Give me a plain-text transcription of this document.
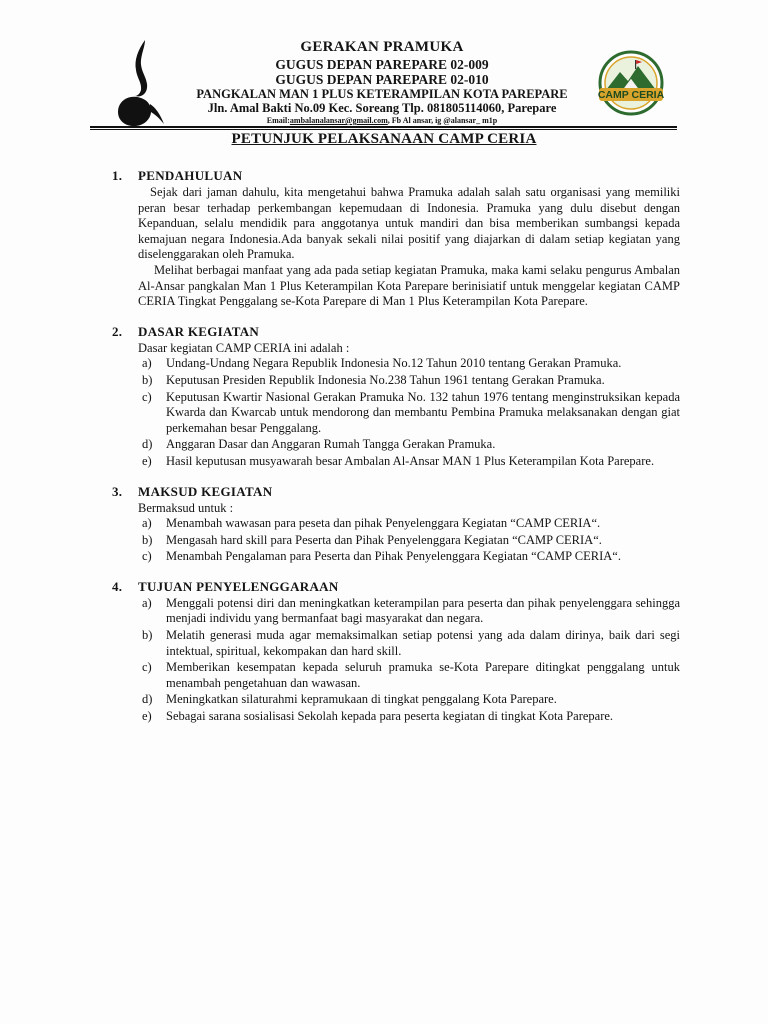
GERAKAN PRAMUKA
GUGUS DEPAN PAREPARE 02-009
GUGUS DEPAN PAREPARE 02-010
PANGKALAN MAN 1 PLUS KETERAMPILAN KOTA PAREPARE
Jln. Amal Bakti No.09 Kec. Soreang Tlp. 081805114060, Parepare
Email:ambalanalansar@gmail.com, Fb Al ansar, ig @alansar_ m1p
CAMP CERIA
PETUNJUK PELAKSANAAN CAMP CERIA
1.	PENDAHULUAN
Sejak dari jaman dahulu, kita mengetahui bahwa Pramuka adalah salah satu organisasi yang memiliki peran besar terhadap perkembangan kepemudaan di Indonesia. Pramuka yang dulu disebut dengan Kepanduan, selalu mendidik para anggotanya untuk mandiri dan bisa memberikan sumbangsi kepada kemajuan negara Indonesia.Ada banyak sekali nilai positif yang diajarkan di dalam setiap kegiatan yang diselenggarakan oleh Pramuka.
Melihat berbagai manfaat yang ada pada setiap kegiatan Pramuka, maka kami selaku pengurus Ambalan Al-Ansar pangkalan Man 1 Plus Keterampilan Kota Parepare berinisiatif untuk menggelar kegiatan CAMP CERIA Tingkat Penggalang se-Kota Parepare di Man 1 Plus Keterampilan Kota Parepare.
2.	DASAR KEGIATAN
Dasar kegiatan CAMP CERIA ini adalah :
a)	Undang-Undang Negara Republik Indonesia No.12 Tahun 2010 tentang Gerakan Pramuka.
b)	Keputusan Presiden Republik Indonesia No.238 Tahun 1961 tentang Gerakan Pramuka.
c)	Keputusan Kwartir Nasional Gerakan Pramuka No. 132 tahun 1976 tentang menginstruksikan kepada Kwarda dan Kwarcab untuk mendorong dan membantu Pembina Pramuka melaksanakan dengan giat perkemahan besar Penggalang.
d)	Anggaran Dasar dan Anggaran Rumah Tangga Gerakan Pramuka.
e)	Hasil keputusan musyawarah besar Ambalan Al-Ansar MAN 1 Plus Keterampilan Kota Parepare.
3.	MAKSUD KEGIATAN
Bermaksud untuk :
a)	Menambah wawasan para peseta dan pihak Penyelenggara Kegiatan “CAMP CERIA“.
b)	Mengasah hard skill para Peserta dan Pihak Penyelenggara Kegiatan “CAMP CERIA“.
c)	Menambah Pengalaman para Peserta dan Pihak Penyelenggara Kegiatan “CAMP CERIA“.
4.	TUJUAN PENYELENGGARAAN
a)	Menggali potensi diri dan meningkatkan keterampilan para peserta dan pihak penyelenggara sehingga menjadi individu yang bermanfaat bagi masyarakat dan negara.
b)	Melatih generasi muda agar memaksimalkan setiap potensi yang ada dalam dirinya, baik dari segi intektual, spiritual, kekompakan dan hard skill.
c)	Memberikan kesempatan kepada seluruh pramuka se-Kota Parepare ditingkat penggalang untuk menambah pengetahuan dan wawasan.
d)	Meningkatkan silaturahmi kepramukaan di tingkat penggalang Kota Parepare.
e)	Sebagai sarana sosialisasi Sekolah kepada para peserta kegiatan di tingkat Kota Parepare.
